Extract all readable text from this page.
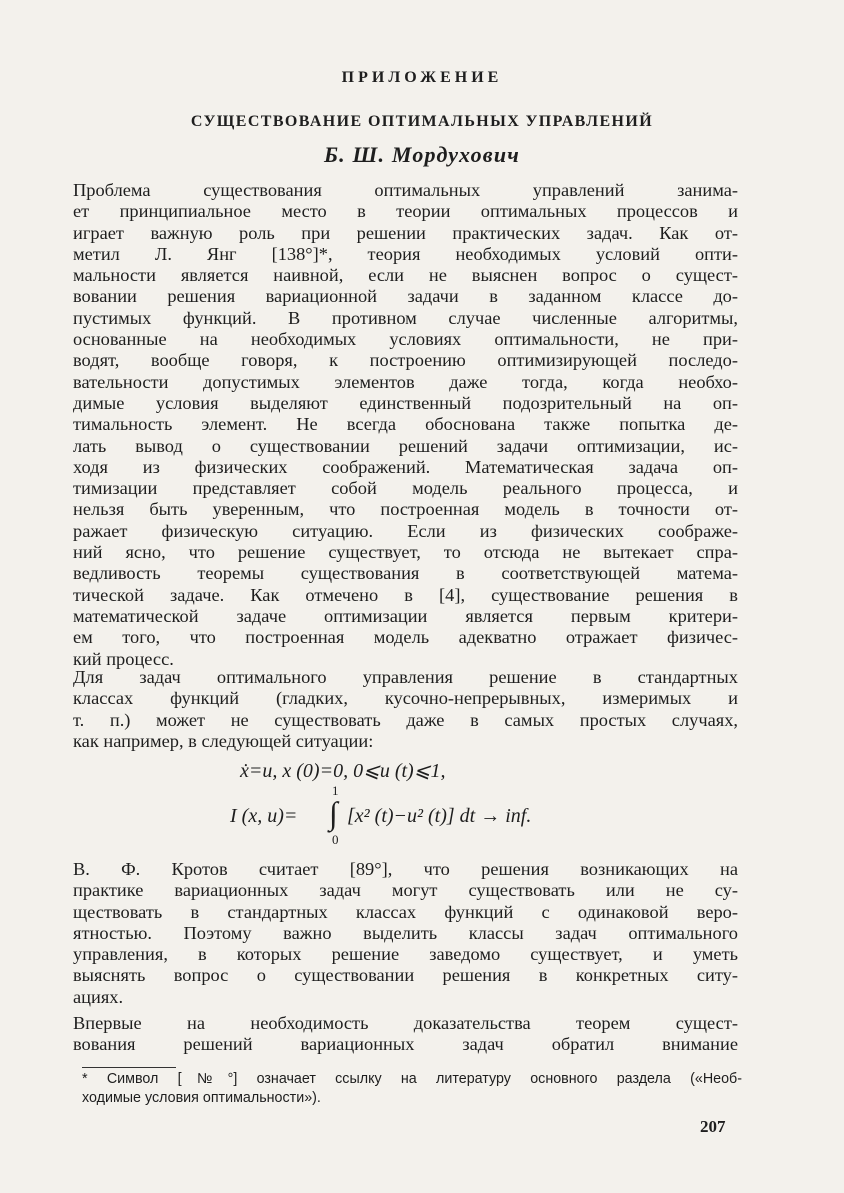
ПРИЛОЖЕНИЕ
СУЩЕСТВОВАНИЕ ОПТИМАЛЬНЫХ УПРАВЛЕНИЙ
Б. Ш. Мордухович
Проблема существования оптимальных управлений занима-
ет принципиальное место в теории оптимальных процессов и
играет важную роль при решении практических задач. Как от-
метил Л. Янг [138°]*, теория необходимых условий опти-
мальности является наивной, если не выяснен вопрос о сущест-
вовании решения вариационной задачи в заданном классе до-
пустимых функций. В противном случае численные алгоритмы,
основанные на необходимых условиях оптимальности, не при-
водят, вообще говоря, к построению оптимизирующей последо-
вательности допустимых элементов даже тогда, когда необхо-
димые условия выделяют единственный подозрительный на оп-
тимальность элемент. Не всегда обоснована также попытка де-
лать вывод о существовании решений задачи оптимизации, ис-
ходя из физических соображений. Математическая задача оп-
тимизации представляет собой модель реального процесса, и
нельзя быть уверенным, что построенная модель в точности от-
ражает физическую ситуацию. Если из физических соображе-
ний ясно, что решение существует, то отсюда не вытекает спра-
ведливость теоремы существования в соответствующей матема-
тической задаче. Как отмечено в [4], существование решения в
математической задаче оптимизации является первым критери-
ем того, что построенная модель адекватно отражает физичес-
кий процесс.
Для задач оптимального управления решение в стандартных
классах функций (гладких, кусочно-непрерывных, измеримых и
т. п.) может не существовать даже в самых простых случаях,
как например, в следующей ситуации:
ẋ=u, x (0)=0, 0⩽u (t)⩽1,
I (x, u)= ∫
1
0
[x² (t)−u² (t)] dt → inf.
В. Ф. Кротов считает [89°], что решения возникающих на
практике вариационных задач могут существовать или не су-
ществовать в стандартных классах функций с одинаковой веро-
ятностью. Поэтому важно выделить классы задач оптимального
управления, в которых решение заведомо существует, и уметь
выяснять вопрос о существовании решения в конкретных ситу-
ациях.
Впервые на необходимость доказательства теорем сущест-
вования решений вариационных задач обратил внимание
* Символ [№°] означает ссылку на литературу основного раздела («Необ-
ходимые условия оптимальности»).
207
